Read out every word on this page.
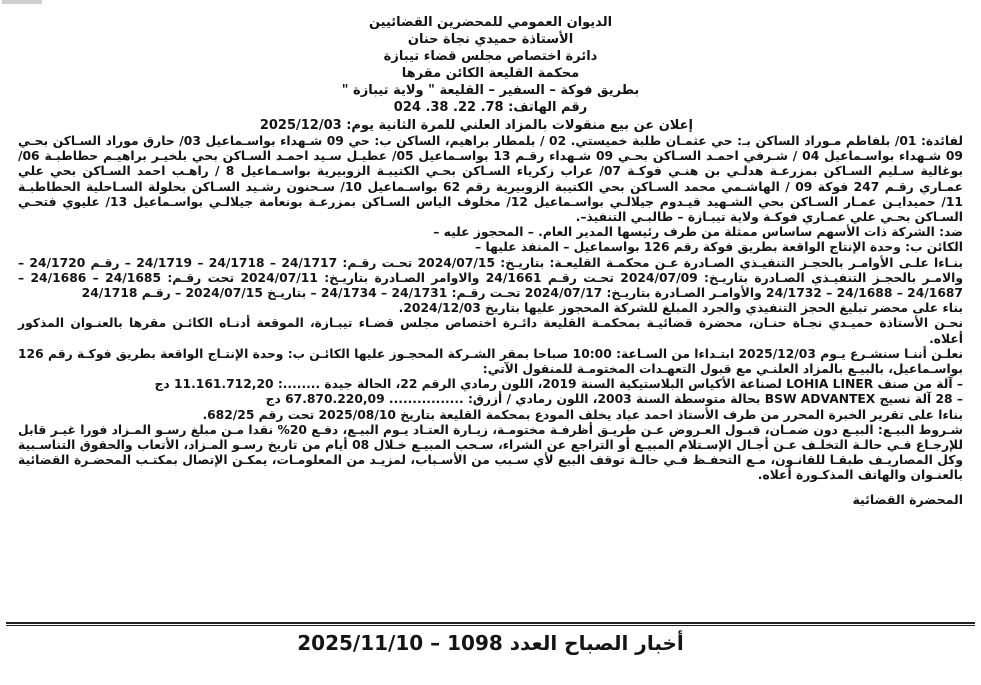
الديوان العمومي للمحضرين القضائيين
الأستاذة حميدي نجاة حنان
دائرة اختصاص مجلس قضاء تيبازة
محكمة القليعة الكائن مقرها
بطريق فوكة – السفير – القليعة " ولاية تيبازة "
رقم الهاتف: 78. 22. 38. 024
إعلان عن بيع منقولات بالمزاد العلني للمرة الثانية يوم: 2025/12/03

لفائدة: 01/ بلفاطم مـوراد الساكن بـ: حي عثمـان طلبة خميستي. 02 / بلمطار براهيم، الساكن ب: حي 09 شـهداء بواسـماعيل 03/ حارق موراد السـاكن بحـي 09 شـهداء بواسـماعيل 04 / شـرفي احمـد السـاكن بحـي 09 شـهداء رقـم 13 بواسـماعيل 05/ عطيـل سـيد احمـد السـاكن بحي بلخيـر براهيـم حطاطبـة 06/ بوغالية سـليم السـاكن بمزرعـة هدلـي بن هنـي فوكـة 07/ عراب زكرياء السـاكن بحـي الكتيبـة الزوبيرية بواسـماعيل 8 / راهـب احمد السـاكن بحي علي عمـاري رقـم 247 فوكة 09 / الهاشـمي محمد السـاكن بحي الكتيبة الزوبيرية رقم 62 بواسـماعيل 10/ سـحنون رشـيد السـاكن بحلولة السـاحلية الحطاطبـة 11/ حميدايـن عمـار السـاكن بحي الشـهيد قيـدوم جيلالـي بواسـماعيل 12/ مخلوف الياس السـاكن بمزرعـة بونعامة جيلالـي بواسـماعيل 13/ عليوي فتحـي السـاكن بحـي علي عمـاري فوكـة ولاية تيبـازة – طالبـي التنفيذ–.

ضد: الشركة ذات الأسهم ساساس ممثلة من طرف رئيسها المدير العام. – المحجوز عليه –

الكائن ب: وحدة الإنتاج الواقعة بطريق فوكة رقم 126 بواسماعيل – المنفذ عليها –

بنـاءا علـى الأوامـر بالحجـز التنفيـذي الصـادرة عـن محكمـة القليعـة: بتاريـخ: 2024/07/15 تحـت رقـم: 24/1717 – 24/1718 – 24/1719 – رقـم 24/1720 – والامـر بالحجـز التنفيـذي الصـادرة بتاريـخ: 2024/07/09 تحـت رقـم 24/1661 والاوامر الصـادرة بتاريـخ: 2024/07/11 تحت رقـم: 24/1685 – 24/1686 – 24/1687 – 24/1688 – 24/1732 والأوامـر الصـادرة بتاريـخ: 2024/07/17 تحـت رقـم: 24/1731 – 24/1734 – بتاريـخ 2024/07/15 – رقـم 24/1718

بناء على محضر تبليغ الحجز التنفيذي والجرد المبلغ للشركة المحجوز عليها بتاريخ 2024/12/03.

نحـن الأستاذة حميـدي نجـاة حنـان، محضرة قضائيـة بمحكمـة القليعة دائـرة اختصاص مجلس قضـاء تيبـازة، الموقعة أدنـاه الكائـن مقرها بالعنـوان المذكور أعلاه.

نعلـن أننـا سنشـرع يـوم 2025/12/03 ابتـداءا من السـاعة: 10:00 صباحا بمقر الشـركة المحجـوز عليها الكائـن ب: وحدة الإنتـاج الواقعة بطريق فوكـة رقم 126 بواسـماعيل، بالبيـع بالمزاد العلنـي مع قبول التعهـدات المختومـة للمنقول الآتي:

– آلة من صنف LOHIA LINER لصناعة الأكياس البلاستيكية السنة 2019، اللون رمادي الرقم 22، الحالة جيدة ........: 11.161.712,20 دج

– 28 آلة نسيج BSW ADVANTEX بحالة متوسطة السنة 2003، اللون رمادي / أزرق: ................ 67.870.220,09 دج

بناءا على تقرير الخبرة المحرر من طرف الأستاذ احمد عياد يخلف المودع بمحكمة القليعة بتاريخ 2025/08/10 تحت رقم 682/25.

شـروط البيـع: البيـع دون ضمـان، قبـول العـروض عـن طريـق أظرفـة مختومـة، زيـارة العتـاد يـوم البيـع، دفـع 20% نقدا مـن مبلغ رسـو المـزاد فورا غيـر قابل للإرجـاع فـي حالـة التخلـف عـن أجـال الإسـتلام المبيـع أو التراجع عن الشراء، سـحب المبيـع خـلال 08 أيام من تاريخ رسـو المـزاد، الأتعاب والحقوق التناسـبية وكل المصاريـف طبقـا للقانـون، مـع التحفـظ فـي حالـة توقف البيع لأي سـبب من الأسـباب، لمزيـد من المعلومـات، يمكـن الإتصال بمكتـب المحضـرة القضائية بالعنـوان والهاتف المذكـورة أعلاه.

المحضرة القضائية
أخبار الصباح العدد 1098 – 2025/11/10
